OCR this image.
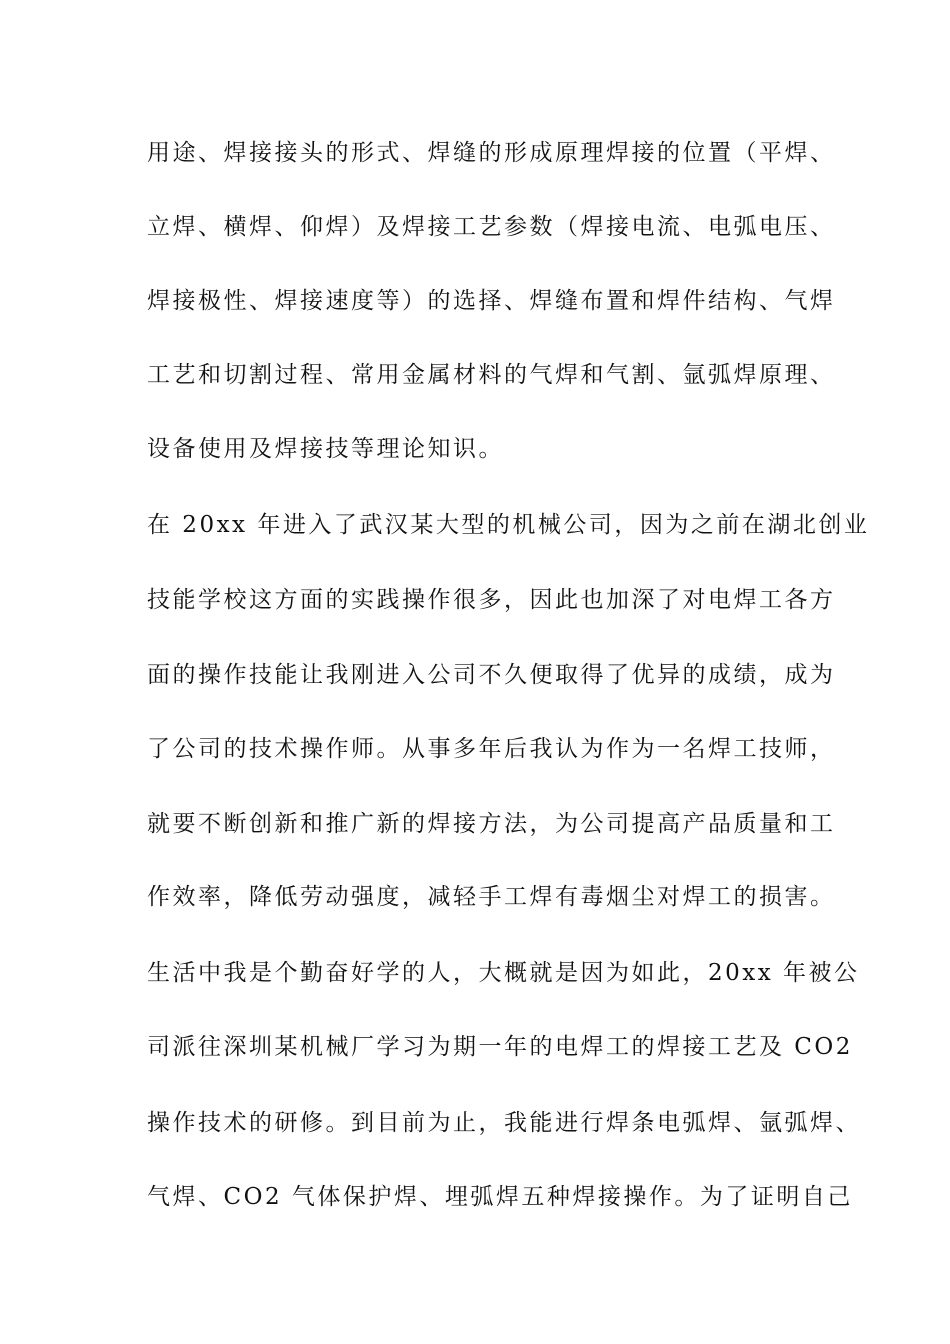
用途、焊接接头的形式、焊缝的形成原理焊接的位置（平焊、
立焊、横焊、仰焊）及焊接工艺参数（焊接电流、电弧电压、
焊接极性、焊接速度等）的选择、焊缝布置和焊件结构、气焊
工艺和切割过程、常用金属材料的气焊和气割、氩弧焊原理、
设备使用及焊接技等理论知识。
在 20xx 年进入了武汉某大型的机械公司，因为之前在湖北创业
技能学校这方面的实践操作很多，因此也加深了对电焊工各方
面的操作技能让我刚进入公司不久便取得了优异的成绩，成为
了公司的技术操作师。从事多年后我认为作为一名焊工技师，
就要不断创新和推广新的焊接方法，为公司提高产品质量和工
作效率，降低劳动强度，减轻手工焊有毒烟尘对焊工的损害。
生活中我是个勤奋好学的人，大概就是因为如此，20xx 年被公
司派往深圳某机械厂学习为期一年的电焊工的焊接工艺及 CO2
操作技术的研修。到目前为止，我能进行焊条电弧焊、氩弧焊、
气焊、CO2 气体保护焊、埋弧焊五种焊接操作。为了证明自己
